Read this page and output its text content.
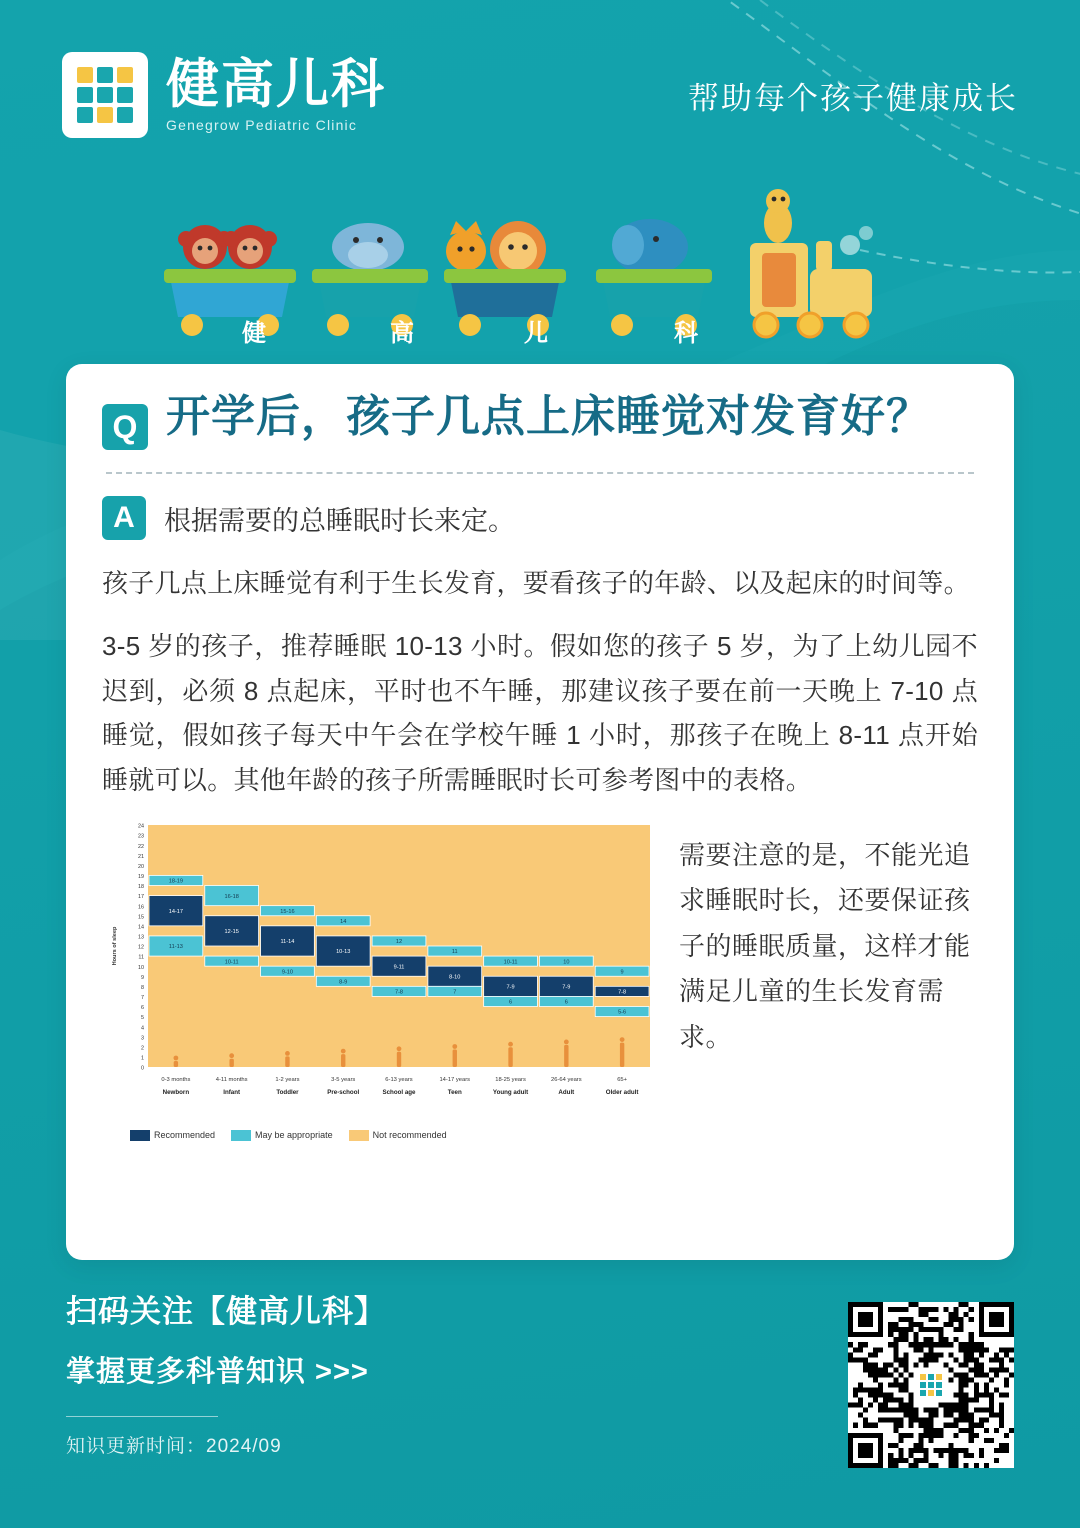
健高儿科
Genegrow Pediatric Clinic
帮助每个孩子健康成长
健	高	儿	科
Q 开学后，孩子几点上床睡觉对发育好？
A	根据需要的总睡眠时长来定。
孩子几点上床睡觉有利于生长发育，要看孩子的年龄、以及起床的时间等。
3-5 岁的孩子，推荐睡眠 10-13 小时。假如您的孩子 5 岁，为了上幼儿园不迟到，必须 8 点起床，平时也不午睡，那建议孩子要在前一天晚上 7-10 点睡觉，假如孩子每天中午会在学校午睡 1 小时，那孩子在晚上 8-11 点开始睡就可以。其他年龄的孩子所需睡眠时长可参考图中的表格。
0
1
2
3
4
5
6
7
8
9
10
11
12
13
14
15
16
17
18
19
20
21
22
23
24
Hours of sleep
18-19
14-17
11-13
16-18
12-15
10-11
15-16
11-14
9-10
14
10-13
8-9
12
9-11
7-8
11
8-10
7
10-11
7-9
6
10
7-9
6
9
7-8
5-6
0-3 months
Newborn
4-11 months
Infant
1-2 years
Toddler
3-5 years
Pre-school
6-13 years
School age
14-17 years
Teen
18-25 years
Young adult
26-64 years
Adult
65+
Older adult
Recommended	May be appropriate	Not recommended
需要注意的是，不能光追求睡眠时长，还要保证孩子的睡眠质量，这样才能满足儿童的生长发育需求。
扫码关注【健高儿科】
掌握更多科普知识 >>>
知识更新时间：2024/09
